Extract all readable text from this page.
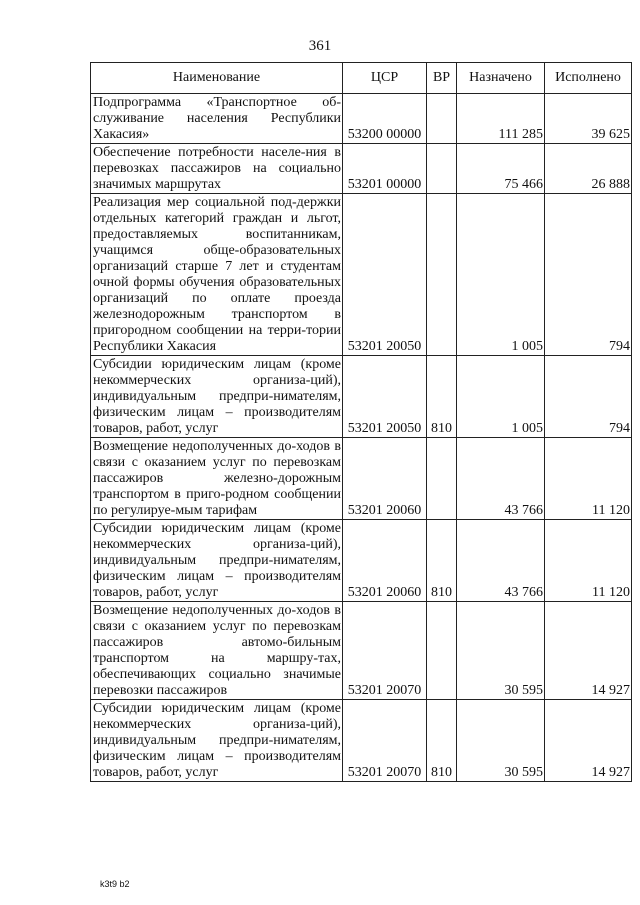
361
Наименование	ЦСР	ВР	Назначено	Исполнено
Подпрограмма «Транспортное об-служивание населения Республики Хакасия»	53200 00000		111 285	39 625
Обеспечение потребности населе-ния в перевозках пассажиров на социально значимых маршрутах	53201 00000		75 466	26 888
Реализация мер социальной под-держки отдельных категорий граждан и льгот, предоставляемых воспитанникам, учащимся обще-образовательных организаций старше 7 лет и студентам очной формы обучения образовательных организаций по оплате проезда железнодорожным транспортом в пригородном сообщении на терри-тории Республики Хакасия	53201 20050		1 005	794
Субсидии юридическим лицам (кроме некоммерческих организа-ций), индивидуальным предпри-нимателям, физическим лицам – производителям товаров, работ, услуг	53201 20050	810	1 005	794
Возмещение недополученных до-ходов в связи с оказанием услуг по перевозкам пассажиров железно-дорожным транспортом в приго-родном сообщении по регулируе-мым тарифам	53201 20060		43 766	11 120
Субсидии юридическим лицам (кроме некоммерческих организа-ций), индивидуальным предпри-нимателям, физическим лицам – производителям товаров, работ, услуг	53201 20060	810	43 766	11 120
Возмещение недополученных до-ходов в связи с оказанием услуг по перевозкам пассажиров автомо-бильным транспортом на маршру-тах, обеспечивающих социально значимые перевозки пассажиров	53201 20070		30 595	14 927
Субсидии юридическим лицам (кроме некоммерческих организа-ций), индивидуальным предпри-нимателям, физическим лицам – производителям товаров, работ, услуг	53201 20070	810	30 595	14 927
k3t9 b2
